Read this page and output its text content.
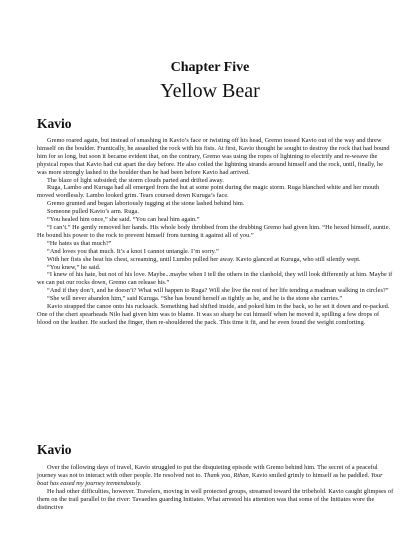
Chapter Five
Yellow Bear
Kavio

Gremo roared again, but instead of smashing in Kavio’s face or twisting off his head, Gremo tossed Kavio out of the way and threw himself on the boulder. Frantically, he assaulted the rock with his fists. At first, Kavio thought he sought to destroy the rock that had bound him for so long, but soon it became evident that, on the contrary, Gremo was using the ropes of lightning to electrify and re-weave the physical ropes that Kavio had cut apart the day before. He also coiled the lightning strands around himself and the rock, until, finally, he was more strongly lashed to the boulder than he had been before Kavio had arrived.

The blaze of light subsided; the storm clouds parted and drifted away.

Ruga, Lambo and Kuruga had all emerged from the hut at some point during the magic storm. Ruga blanched white and her mouth moved wordlessly. Lambo looked grim. Tears coursed down Kuruga’s face.

Gremo grunted and began laboriously tugging at the stone lashed behind him.

Someone pulled Kavio’s arm. Ruga.

“You healed him once,” she said. “You can heal him again.”

“I can’t.” He gently removed her hands. His whole body throbbed from the drubbing Gremo had given him. “He hexed himself, auntie. He bound his power to the rock to prevent himself from turning it against all of you.”

“He hates us that much?”

“And loves you that much. It’s a knot I cannot untangle. I’m sorry.”

With her fists she beat his chest, screaming, until Lumbo pulled her away. Kavio glanced at Kuruga, who still silently wept.

“You knew,” he said.

“I knew of his hate, but not of his love. Maybe...maybe when I tell the others in the clanhold, they will look differently at him. Maybe if we can put our rocks down, Gremo can release his.”

“And if they don’t, and he doesn’t? What will happen to Ruga? Will she live the rest of her life tending a madman walking in circles?”

“She will never abandon him,” said Kuruga. “She has bound herself as tightly as he, and he is the stone she carries.”

Kavio strapped the canoe onto his rucksack. Something had shifted inside, and poked him in the back, so he set it down and re-packed. One of the chert spearheads Nilo had given him was to blame. It was so sharp he cut himself when he moved it, spilling a few drops of blood on the leather. He sucked the finger, then re-shouldered the pack. This time it fit, and he even found the weight comforting.

Kavio

Over the following days of travel, Kavio struggled to put the disquieting episode with Gremo behind him. The secret of a peaceful journey was not to interact with other people. He resolved not to. Thank you, Rthan, Kavio smiled grimly to himself as he paddled. Your boat has eased my journey tremendously.

He had other difficulties, however. Travelers, moving in well protected groups, streamed toward the tribehold. Kavio caught glimpses of them on the trail parallel to the river: Tavaedies guarding Initiates. What arrested his attention was that some of the Initiates wore the distinctive
